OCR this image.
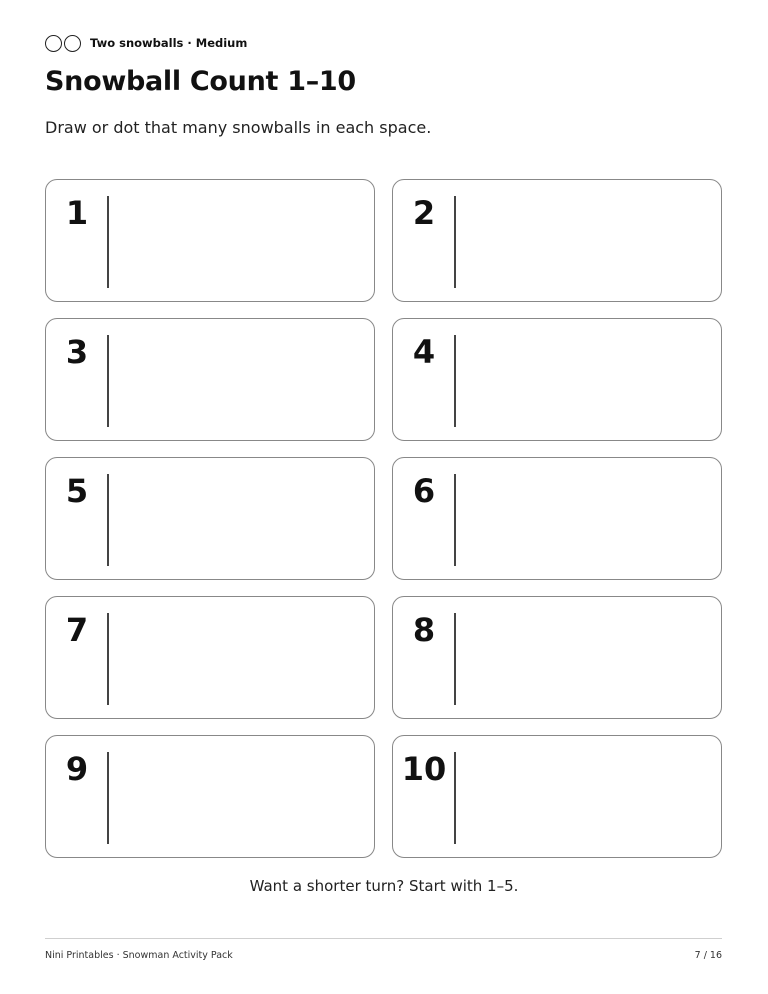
Two snowballs · Medium
Snowball Count 1–10
Draw or dot that many snowballs in each space.
1	2
3	4
5	6
7	8
9	10
Want a shorter turn? Start with 1–5.
Nini Printables · Snowman Activity Pack	7 / 16
